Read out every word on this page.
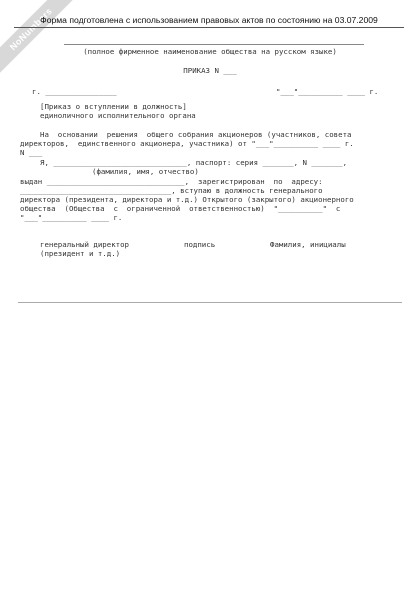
NoNumbers
Форма подготовлена с использованием правовых актов по состоянию на 03.07.2009
(полное фирменное наименование общества на русском языке)
ПРИКАЗ N ___
г. ________________	"___"__________ ____ г.
[Приказ о вступлении в должность]
единоличного исполнительного органа
На  основании  решения  общего собрания акционеров (участников, совета
директоров,  единственного акционера, участника) от "___"__________ ____ г.
N ___
Я, ______________________________, паспорт: серия _______, N _______,
(фамилия, имя, отчество)
выдан _______________________________,  зарегистрирован  по  адресу:
__________________________________, вступаю в должность генерального
директора (президента, директора и т.д.) Открытого (закрытого) акционерного
общества  (Общества  с  ограниченной  ответственностью)  "__________"  с
"___"__________ ____ г.
генеральный директор	подпись	Фамилия, инициалы
(президент и т.д.)
